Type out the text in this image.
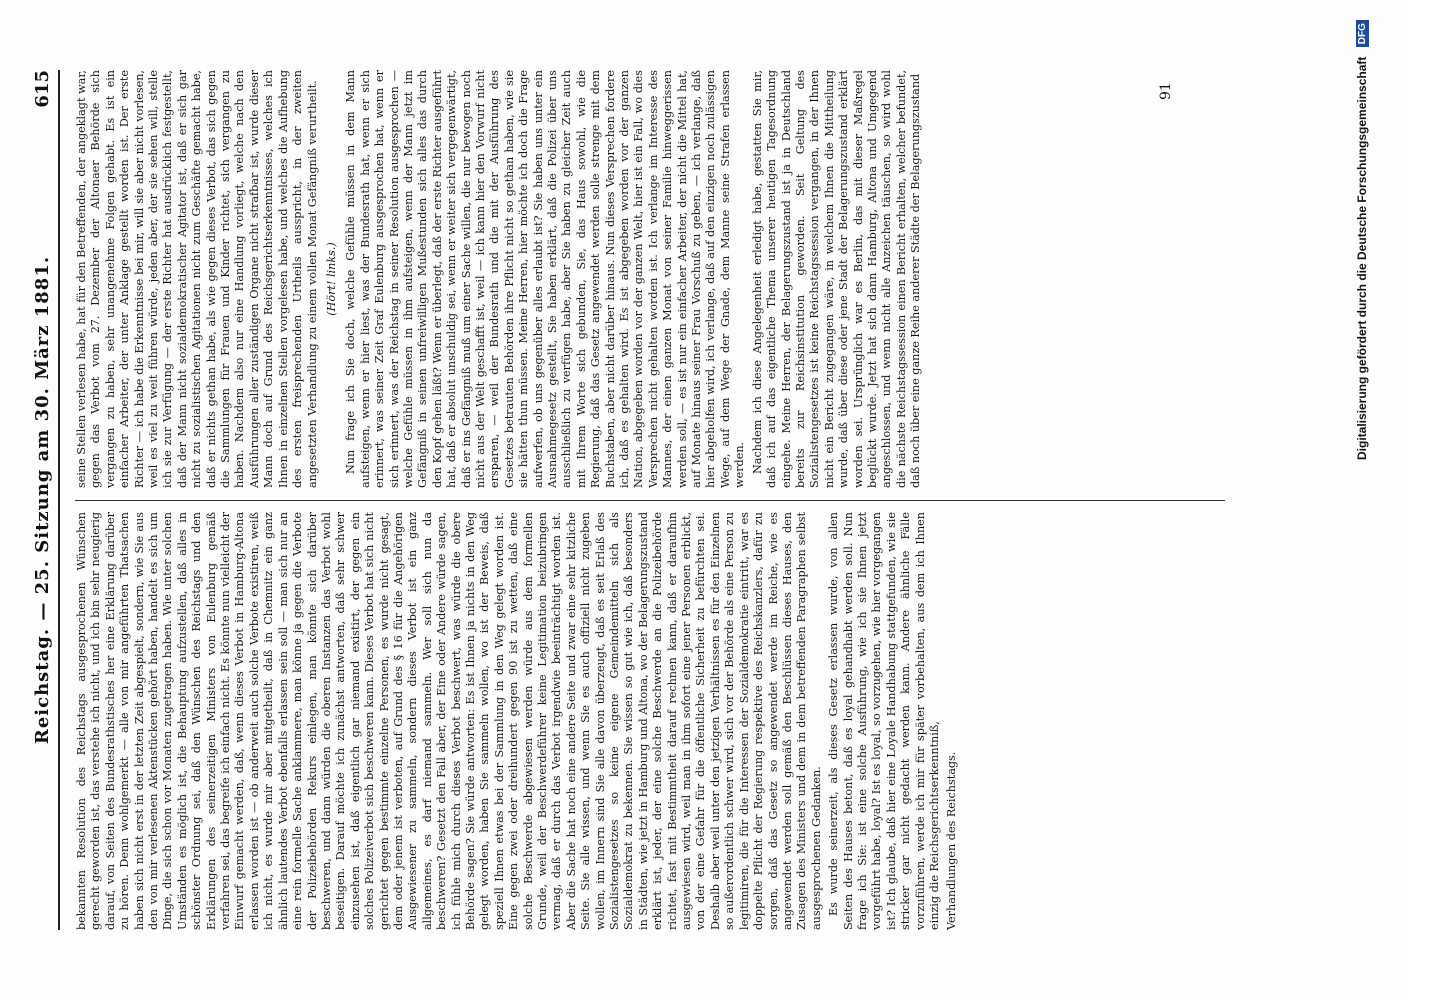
Reichstag. — 25. Sitzung am 30. März 1881.
615

bekannten Resolution des Reichstags ausgesprochenen Wünschen gerecht geworden ist, das verstehe ich nicht, und ich bin sehr neugierig darauf, von Seiten des Bundesrathstisches her eine Erklärung darüber zu hören. Denn wohlgemerkt — alle von mir angeführten Thatsachen haben sich nicht erst in der letzten Zeit abgespielt, sondern, wie Sie aus den von mir verlesenen Aktenstücken gehört haben, handelt es sich um Dinge, die sich schon vor Monaten zugetragen haben. Wie unter solchen Umständen es möglich ist, die Behauptung aufzustellen, daß alles in schönster Ordnung sei, daß den Wünschen des Reichstags und den Erklärungen des seinerzeitigen Ministers von Eulenburg gemäß verfahren sei, das begreife ich einfach nicht. Es könnte nun vielleicht der Einwurf gemacht werden, daß, wenn dieses Verbot in Hamburg-Altona erlassen worden ist — ob anderweit auch solche Verbote existiren, weiß ich nicht, es wurde mir aber mitgetheilt, daß in Chemnitz ein ganz ähnlich lautendes Verbot ebenfalls erlassen sein soll — man sich nur an eine rein formelle Sache anklammere, man könne ja gegen die Verbote der Polizeibehörden Rekurs einlegen, man könnte sich darüber beschweren, und dann würden die oberen Instanzen das Verbot wohl beseitigen. Darauf möchte ich zunächst antworten, daß sehr schwer einzusehen ist, daß eigentlich gar niemand existirt, der gegen ein solches Polizeiverbot sich beschweren kann. Dieses Verbot hat sich nicht gerichtet gegen bestimmte einzelne Personen, es wurde nicht gesagt, dem oder jenem ist verboten, auf Grund des § 16 für die Angehörigen Ausgewiesener zu sammeln, sondern dieses Verbot ist ein ganz allgemeines, es darf niemand sammeln. Wer soll sich nun da beschweren? Gesetzt den Fall aber, der Eine oder Andere würde sagen, ich fühle mich durch dieses Verbot beschwert, was würde die obere Behörde sagen? Sie würde antworten: Es ist Ihnen ja nichts in den Weg gelegt worden, haben Sie sammeln wollen, wo ist der Beweis, daß speziell Ihnen etwas bei der Sammlung in den Weg gelegt worden ist. Eine gegen zwei oder dreihundert gegen 90 ist zu wetten, daß eine solche Beschwerde abgewiesen werden würde aus dem formellen Grunde, weil der Beschwerdeführer keine Legitimation beizubringen vermag, daß er durch das Verbot irgendwie beeinträchtigt worden ist. Aber die Sache hat noch eine andere Seite und zwar eine sehr kitzliche Seite. Sie alle wissen, und wenn Sie es auch offiziell nicht zugeben wollen, im Innern sind Sie alle davon überzeugt, daß es seit Erlaß des Sozialistengesetzes so keine eigene Gemeindemitteln sich als Sozialdemokrat zu bekennen. Sie wissen so gut wie ich, daß besonders in Städten, wie jetzt in Hamburg und Altona, wo der Belagerungszustand erklärt ist, jeder, der eine solche Beschwerde an die Polizeibehörde richtet, fast mit Bestimmtheit darauf rechnen kann, daß er daraufhin ausgewiesen wird, weil man in ihm sofort eine jener Personen erblickt, von der eine Gefahr für die öffentliche Sicherheit zu befürchten sei. Deshalb aber weil unter den jetzigen Verhältnissen es für den Einzelnen so außerordentlich schwer wird, sich vor der Behörde als eine Person zu legitimiren, die für die Interessen der Sozialdemokratie eintritt, war es doppelte Pflicht der Regierung respektive des Reichskanzlers, dafür zu sorgen, daß das Gesetz so angewendet werde im Reiche, wie es angewendet werden soll gemäß den Beschlüssen dieses Hauses, den Zusagen des Ministers und dem in dem betreffenden Paragraphen selbst ausgesprochenen Gedanken. Es wurde seinerzeit, als dieses Gesetz erlassen wurde, von allen Seiten des Hauses betont, daß es loyal gehandhabt werden soll. Nun frage ich Sie: ist eine solche Ausführung, wie ich sie Ihnen jetzt vorgeführt habe, loyal? Ist es loyal, so vorzugehen, wie hier vorgegangen ist? Ich glaube, daß hier eine Loyale Handhabung stattgefunden, wie sie stricker gar nicht gedacht werden kann. Andere ähnliche Fälle vorzuführen, werde ich mir für später vorbehalten, aus dem ich Ihnen einzig die Reichsgerichtserkenntniß, Verhandlungen des Reichstags.

seine Stellen verlesen habe, hat für den Betreffenden, der angeklagt war, gegen das Verbot vom 27. Dezember der Altonaer Behörde sich vergangen zu haben, sehr unangenehme Folgen gehabt. Es ist ein einfacher Arbeiter, der unter Anklage gestellt worden ist. Der erste Richter — ich habe die Erkenntnisse bei mir, will sie aber nicht vorlesen, weil es viel zu weit führen würde, jeden aber, der sie sehen will, stelle ich sie zur Verfügung — der erste Richter hat ausdrücklich festgestellt, daß der Mann nicht sozialdemokratischer Agitator ist, daß er sich gar nicht zu sozialistischen Agitationen nicht zum Geschäfte gemacht habe, daß er nichts gethan habe, als wie gegen dieses Verbot, das sich gegen die Sammlungen für Frauen und Kinder richtet, sich vergangen zu haben. Nachdem also nur eine Handlung vorliegt, welche nach den Ausführungen aller zuständigen Organe nicht strafbar ist, wurde dieser Mann doch auf Grund des Reichsgerichtserkenntnisses, welches ich Ihnen in einzelnen Stellen vorgelesen habe, und welches die Aufhebung des ersten freisprechenden Urtheils ausspricht, in der zweiten angesetzten Verhandlung zu einem vollen Monat Gefängniß verurtheilt. (Hört! links.) Nun frage ich Sie doch, welche Gefühle müssen in dem Mann aufsteigen, wenn er hier liest, was der Bundesrath hat, wenn er sich erinnert, was seiner Zeit Graf Eulenburg ausgesprochen hat, wenn er sich erinnert, was der Reichstag in seiner Resolution ausgesprochen — welche Gefühle müssen in ihm aufsteigen, wenn der Mann jetzt im Gefängniß in seinen unfreiwilligen Mußestunden sich alles das durch den Kopf gehen läßt? Wenn er überlegt, daß der erste Richter ausgeführt hat, daß er absolut unschuldig sei, wenn er weiter sich vergegenwärtigt, daß er ins Gefängniß muß um einer Sache willen, die nur bewogen noch nicht aus der Welt geschafft ist, weil — ich kann hier den Vorwurf nicht ersparen, — weil der Bundesrath und die mit der Ausführung des Gesetzes betrauten Behörden ihre Pflicht nicht so gethan haben, wie sie sie hätten thun müssen. Meine Herren, hier möchte ich doch die Frage aufwerfen, ob uns gegenüber alles erlaubt ist? Sie haben uns unter ein Ausnahmegesetz gestellt, Sie haben erklärt, daß die Polizei über uns ausschließlich zu verfügen habe, aber Sie haben zu gleicher Zeit auch mit Ihrem Worte sich gebunden, Sie, das Haus sowohl, wie die Regierung, daß das Gesetz angewendet werden solle strenge mit dem Buchstaben, aber nicht darüber hinaus. Nun dieses Versprechen fordere ich, daß es gehalten wird. Es ist abgegeben worden vor der ganzen Nation, abgegeben worden vor der ganzen Welt, hier ist ein Fall, wo dies Versprechen nicht gehalten worden ist. Ich verlange im Interesse des Mannes, der einen ganzen Monat von seiner Familie hinweggerissen werden soll, — es ist nur ein einfacher Arbeiter, der nicht die Mittel hat, auf Monate hinaus seiner Frau Vorschuß zu geben, — ich verlange, daß hier abgeholfen wird, ich verlange, daß auf den einzigen noch zulässigen Wege, auf dem Wege der Gnade, dem Manne seine Strafen erlassen werden. Nachdem ich diese Angelegenheit erledigt habe, gestatten Sie mir, daß ich auf das eigentliche Thema unserer heutigen Tagesordnung eingehe. Meine Herren, der Belagerungszustand ist ja in Deutschland bereits zur Reichsinstitution geworden. Seit Geltung des Sozialistengesetzes ist keine Reichstagssession vergangen, in der Ihnen nicht ein Bericht zugegangen wäre, in welchem Ihnen die Mittheilung wurde, daß über diese oder jene Stadt der Belagerungszustand erklärt worden sei. Ursprünglich war es Berlin, das mit dieser Maßregel beglückt wurde. Jetzt hat sich dann Hamburg, Altona und Umgegend angeschlossen, und wenn nicht alle Anzeichen täuschen, so wird wohl die nächste Reichstagssession einen Bericht erhalten, welcher befundet, daß noch über eine ganze Reihe anderer Städte der Belagerungszustand	91	Digitalisierung gefördert durch die Deutsche Forschungsgemeinschaft DFG
